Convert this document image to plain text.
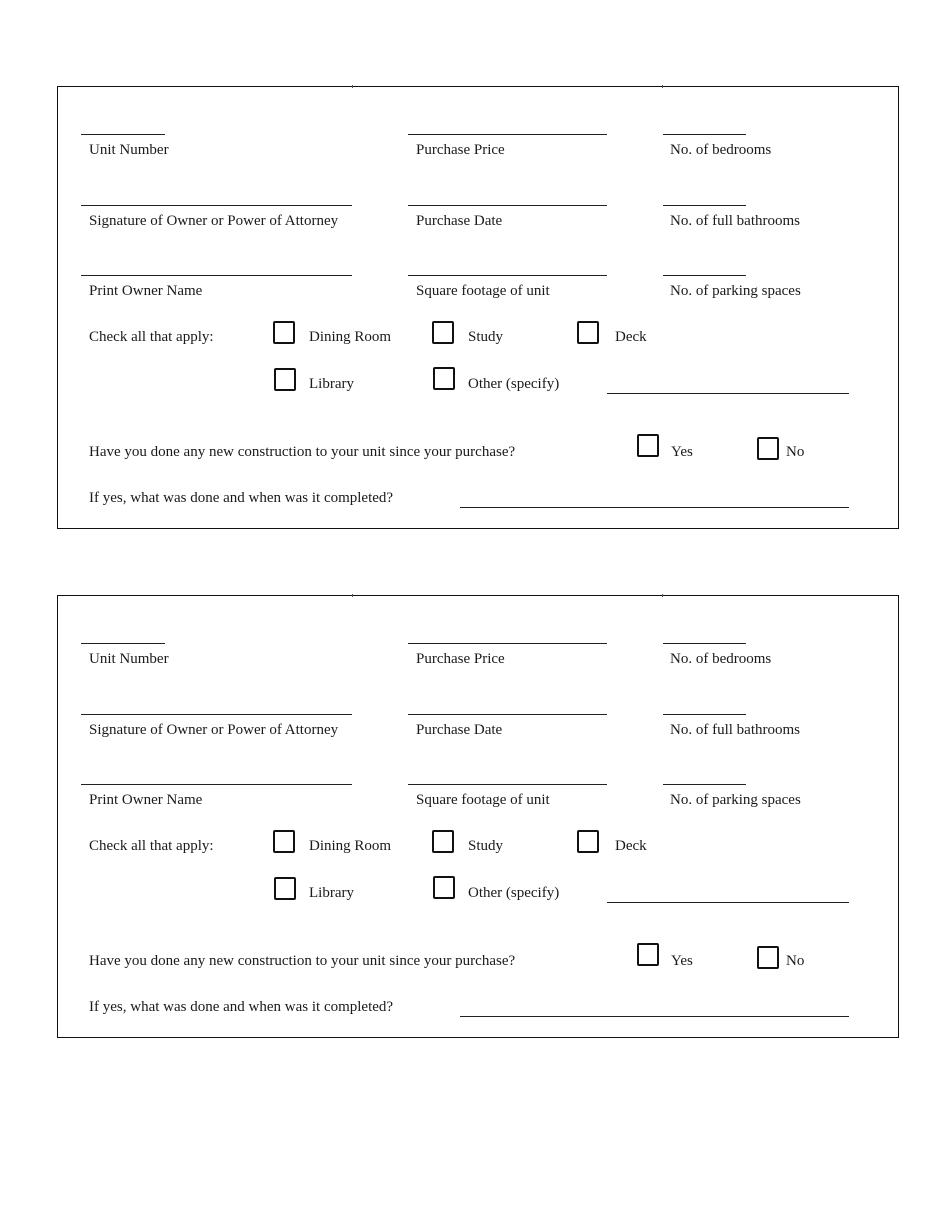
Unit Number	Purchase Price	No. of bedrooms
Signature of Owner or Power of Attorney	Purchase Date	No. of full bathrooms
Print Owner Name	Square footage of unit	No. of parking spaces
Check all that apply:	Dining Room	Study	Deck
Library	Other (specify)
Have you done any new construction to your unit since your purchase?	Yes	No
If yes, what was done and when was it completed?
Unit Number	Purchase Price	No. of bedrooms
Signature of Owner or Power of Attorney	Purchase Date	No. of full bathrooms
Print Owner Name	Square footage of unit	No. of parking spaces
Check all that apply:	Dining Room	Study	Deck
Library	Other (specify)
Have you done any new construction to your unit since your purchase?	Yes	No
If yes, what was done and when was it completed?
